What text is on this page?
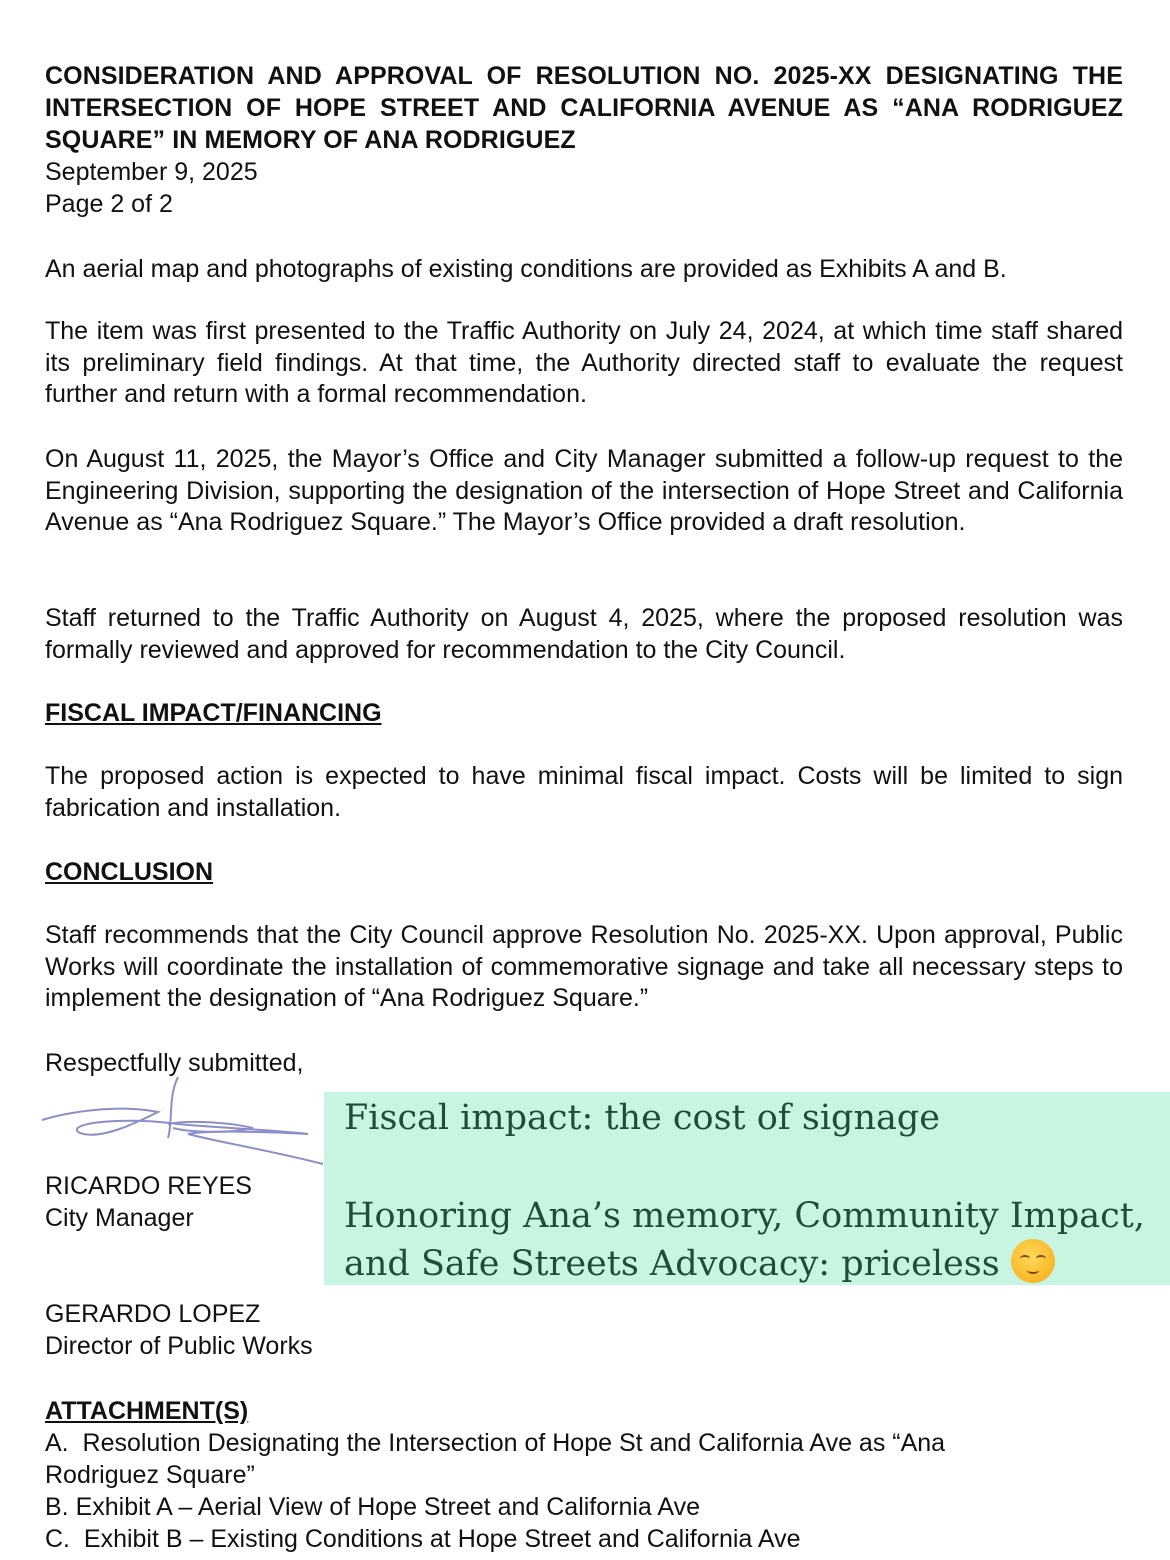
CONSIDERATION AND APPROVAL OF RESOLUTION NO. 2025-XX DESIGNATING THE INTERSECTION OF HOPE STREET AND CALIFORNIA AVENUE AS “ANA RODRIGUEZ SQUARE” IN MEMORY OF ANA RODRIGUEZ

September 9, 2025

Page 2 of 2

An aerial map and photographs of existing conditions are provided as Exhibits A and B.

The item was first presented to the Traffic Authority on July 24, 2024, at which time staff shared its preliminary field findings. At that time, the Authority directed staff to evaluate the request further and return with a formal recommendation.

On August 11, 2025, the Mayor’s Office and City Manager submitted a follow-up request to the Engineering Division, supporting the designation of the intersection of Hope Street and California Avenue as “Ana Rodriguez Square.” The Mayor’s Office provided a draft resolution.

Staff returned to the Traffic Authority on August 4, 2025, where the proposed resolution was formally reviewed and approved for recommendation to the City Council.

FISCAL IMPACT/FINANCING

The proposed action is expected to have minimal fiscal impact. Costs will be limited to sign fabrication and installation.

CONCLUSION

Staff recommends that the City Council approve Resolution No. 2025-XX. Upon approval, Public Works will coordinate the installation of commemorative signage and take all necessary steps to implement the designation of “Ana Rodriguez Square.”

Respectfully submitted,

RICARDO REYES
City Manager
GERARDO LOPEZ
Director of Public Works
Fiscal impact: the cost of signage
Honoring Ana’s memory, Community Impact,
and Safe Streets Advocacy: priceless
ATTACHMENT(S)
A.  Resolution Designating the Intersection of Hope St and California Ave as “Ana
Rodriguez Square”
B. Exhibit A – Aerial View of Hope Street and California Ave
C.  Exhibit B – Existing Conditions at Hope Street and California Ave
